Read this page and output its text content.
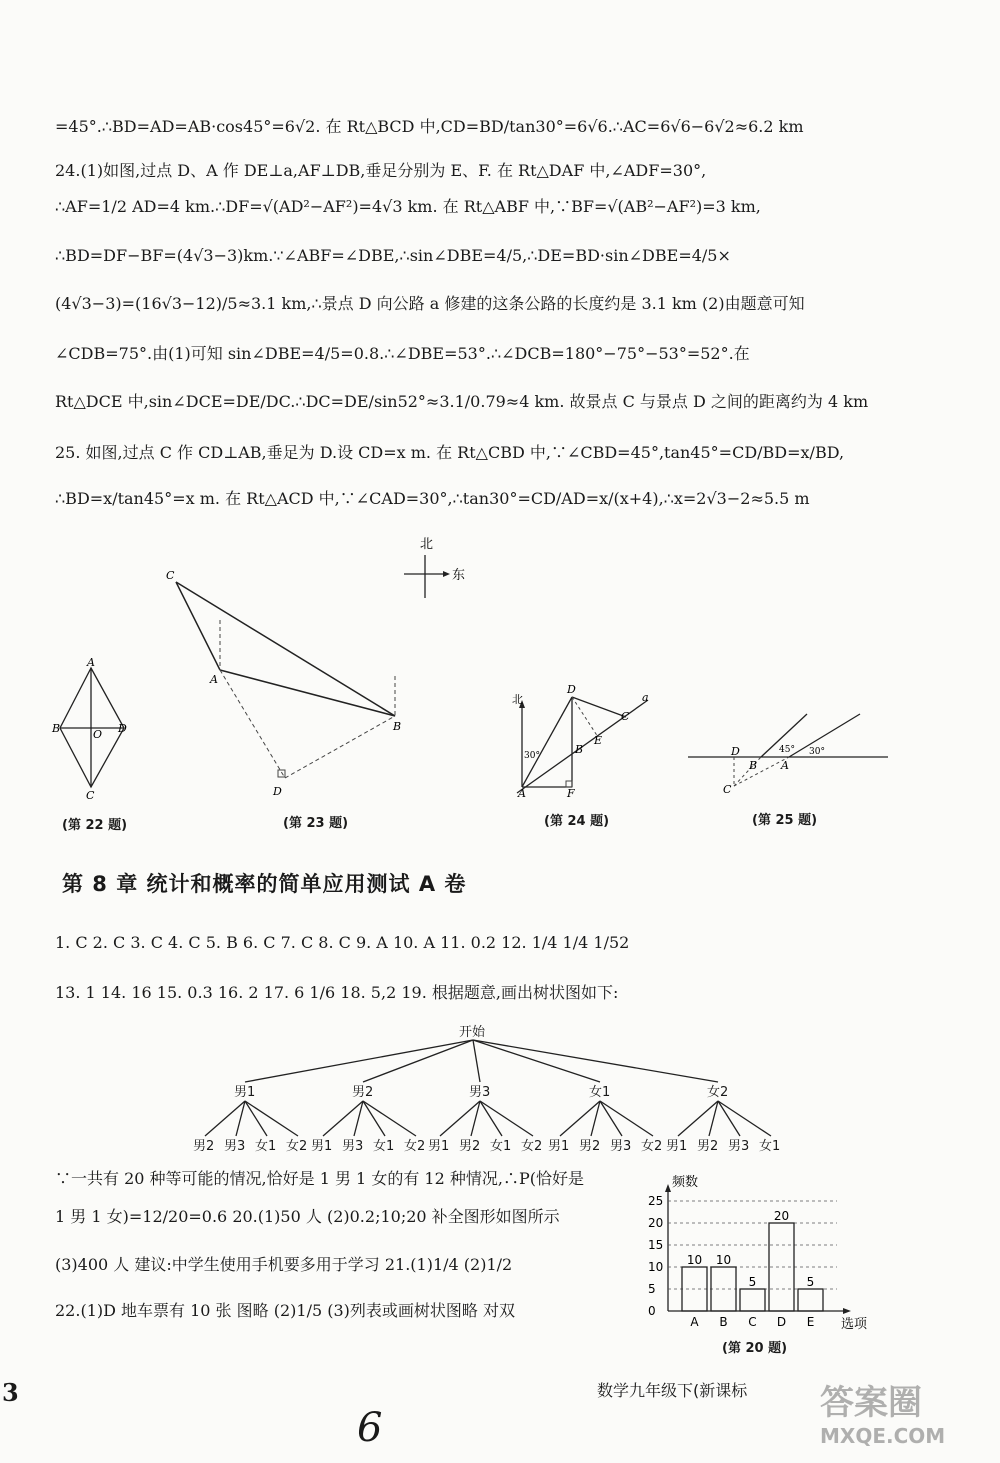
=45°.∴BD=AD=AB·cos45°=6√2. 在 Rt△BCD 中,CD=BD/tan30°=6√6.∴AC=6√6−6√2≈6.2 km
24.(1)如图,过点 D、A 作 DE⊥a,AF⊥DB,垂足分别为 E、F. 在 Rt△DAF 中,∠ADF=30°,
∴AF=1/2 AD=4 km.∴DF=√(AD²−AF²)=4√3 km. 在 Rt△ABF 中,∵BF=√(AB²−AF²)=3 km,
∴BD=DF−BF=(4√3−3)km.∵∠ABF=∠DBE,∴sin∠DBE=4/5,∴DE=BD·sin∠DBE=4/5×
(4√3−3)=(16√3−12)/5≈3.1 km,∴景点 D 向公路 a 修建的这条公路的长度约是 3.1 km (2)由题意可知
∠CDB=75°.由(1)可知 sin∠DBE=4/5=0.8.∴∠DBE=53°.∴∠DCB=180°−75°−53°=52°.在
Rt△DCE 中,sin∠DCE=DE/DC.∴DC=DE/sin52°≈3.1/0.79≈4 km. 故景点 C 与景点 D 之间的距离约为 4 km
25. 如图,过点 C 作 CD⊥AB,垂足为 D.设 CD=x m. 在 Rt△CBD 中,∵∠CBD=45°,tan45°=CD/BD=x/BD,
∴BD=x/tan45°=x m. 在 Rt△ACD 中,∵∠CAD=30°,∴tan30°=CD/AD=x/(x+4),∴x=2√3−2≈5.5 m
A
B	O D
C
C
A
B
D
北
东
北
D
a
C
E
B
A	F
30°	D
B A
C
45° 30°
(第 22 题)	(第 23 题)	(第 24 题)	(第 25 题)
第 8 章 统计和概率的简单应用测试 A 卷
1. C 2. C 3. C 4. C 5. B 6. C 7. C 8. C 9. A 10. A 11. 0.2 12. 1/4 1/4 1/52
13. 1 14. 16 15. 0.3 16. 2 17. 6 1/6 18. 5,2 19. 根据题意,画出树状图如下:
开始
男1
男2 男3 女1 女2
男2
男1 男3 女1 女2
男3
男1 男2 女1 女2
女1
男1 男2 男3 女2
女2
男1 男2 男3 女1
∵一共有 20 种等可能的情况,恰好是 1 男 1 女的有 12 种情况,∴P(恰好是
1 男 1 女)=12/20=0.6 20.(1)50 人 (2)0.2;10;20 补全图形如图所示
(3)400 人 建议:中学生使用手机要多用于学习 21.(1)1/4 (2)1/2
22.(1)D 地车票有 10 张 图略 (2)1/5 (3)列表或画树状图略 对双
频数
选项
0
5
10
15
20
25
10
A
10
B
5
C
20
D
5
E
(第 20 题)
数学九年级下(新课标
3
6
答案圈
MXQE.COM
